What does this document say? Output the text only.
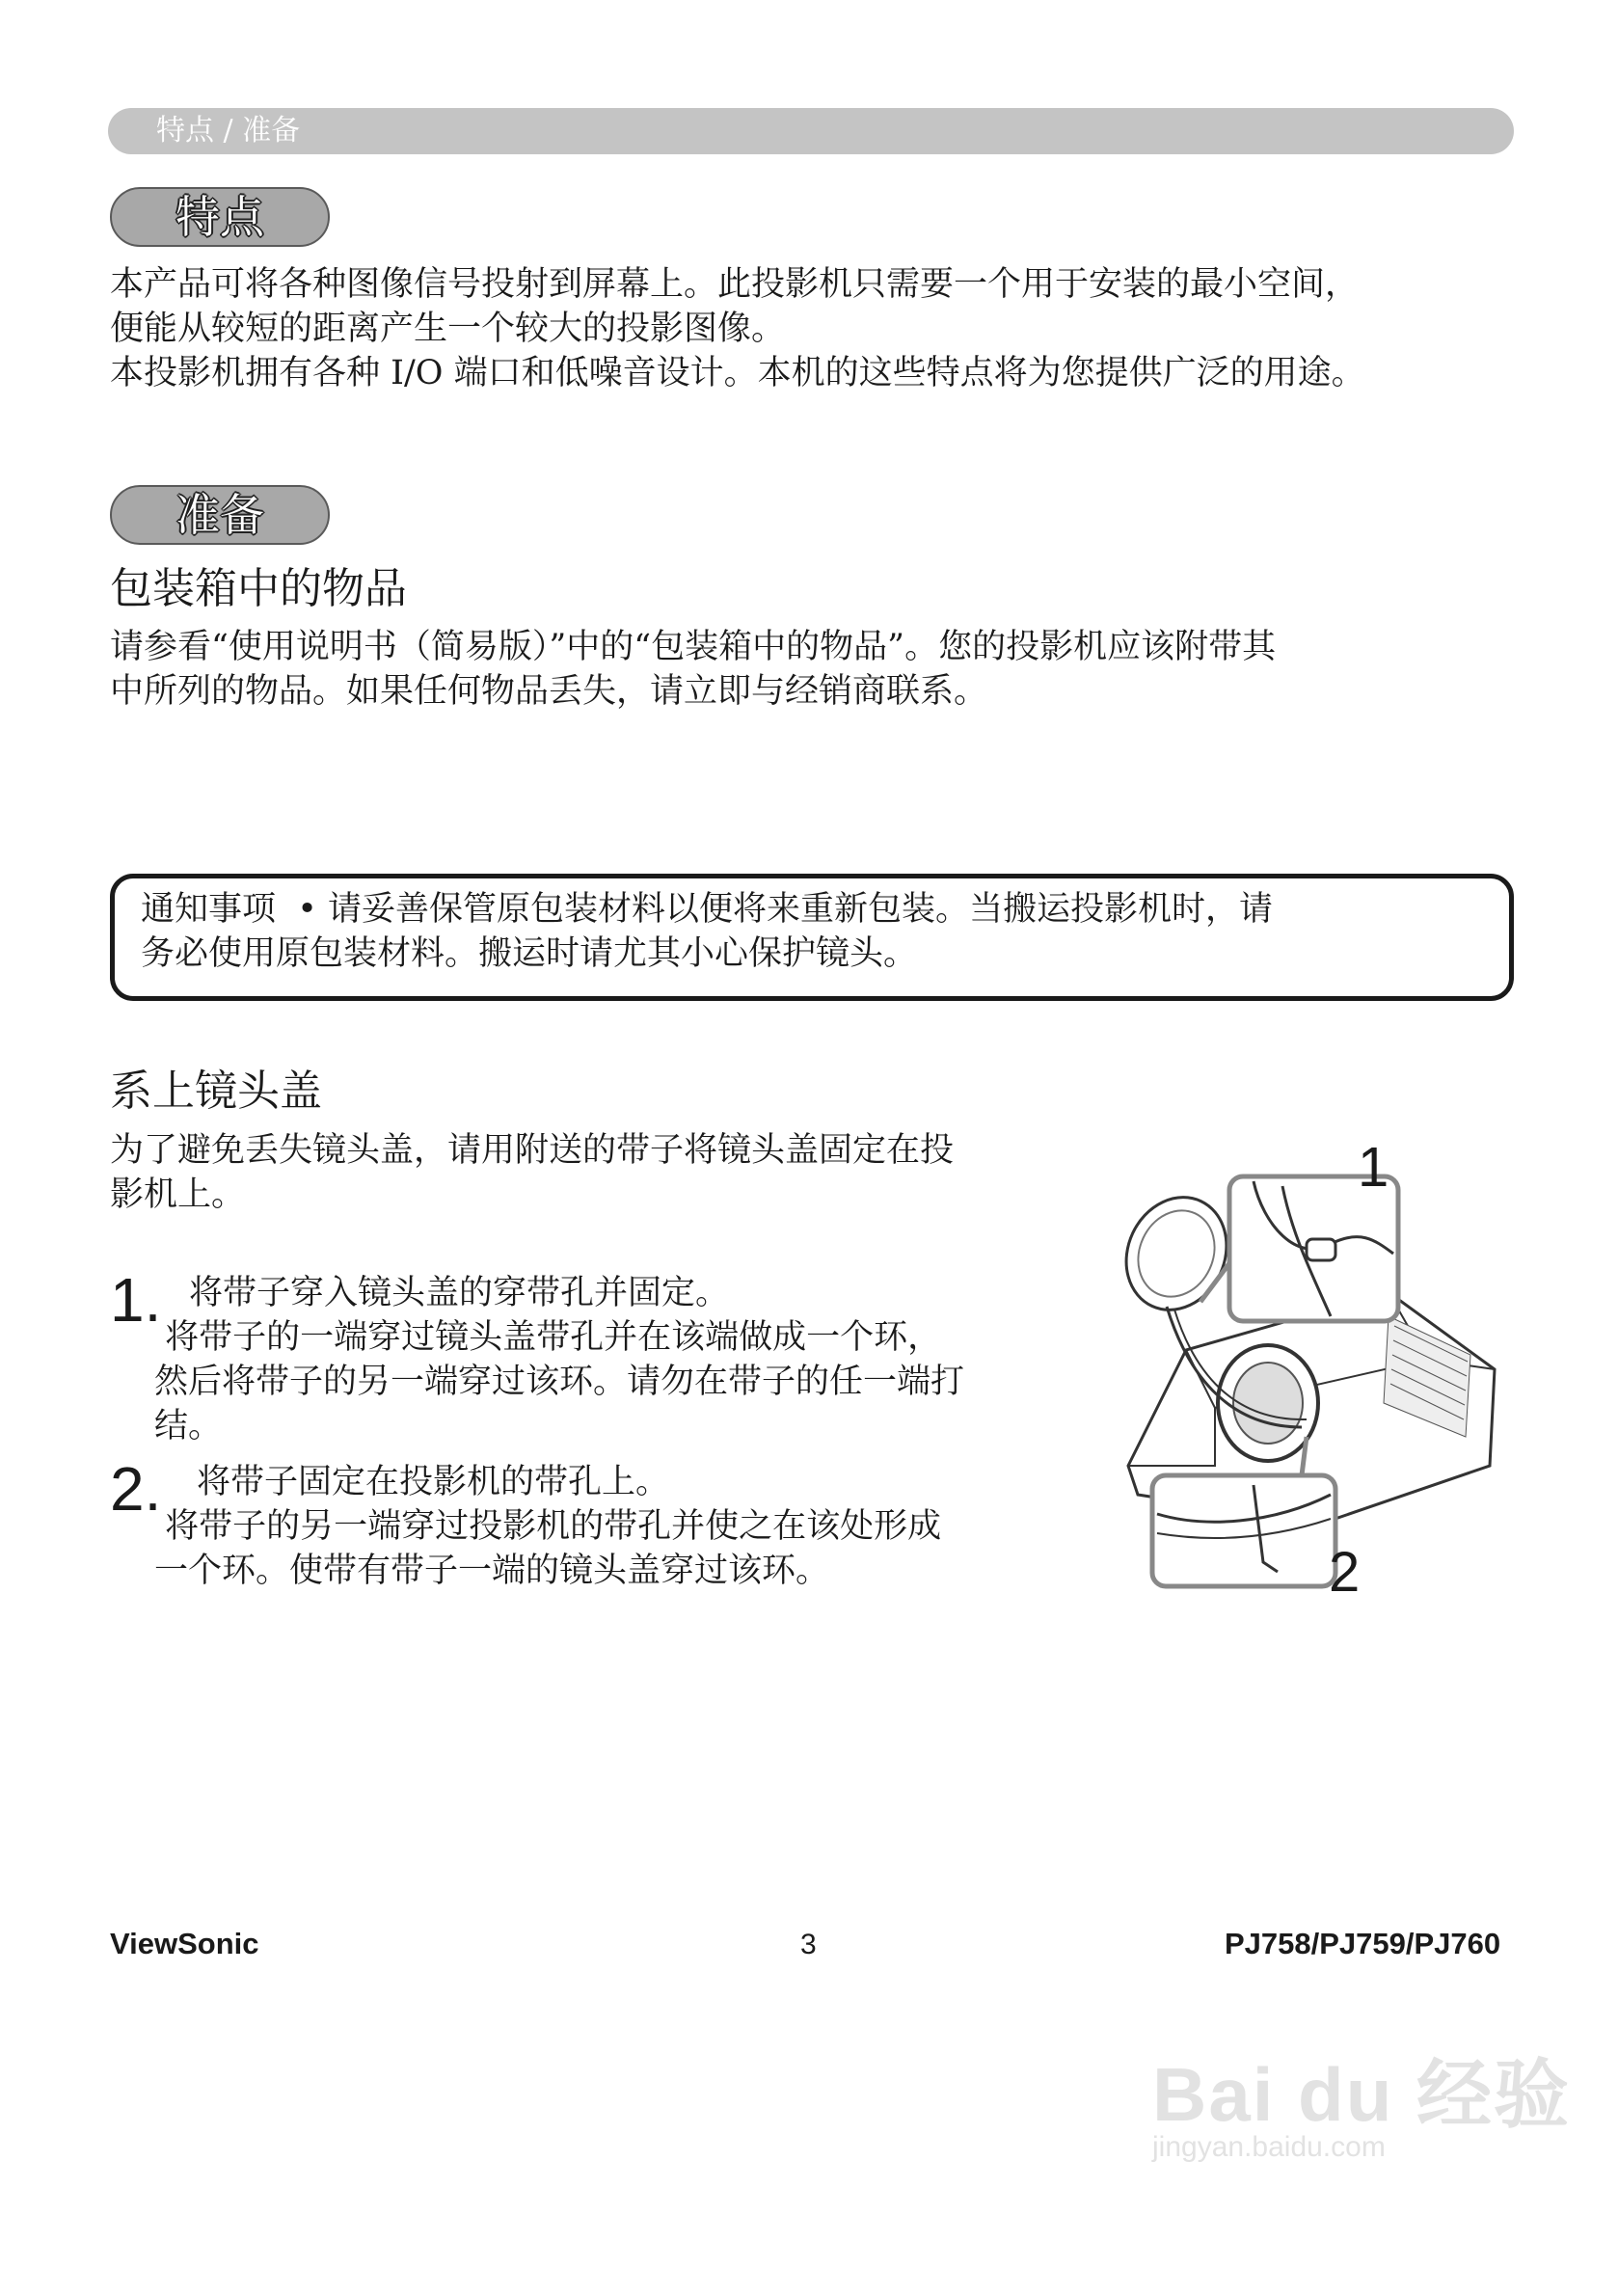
特点 / 准备
特点
本产品可将各种图像信号投射到屏幕上。此投影机只需要一个用于安装的最小空间，
便能从较短的距离产生一个较大的投影图像。
本投影机拥有各种 I/O 端口和低噪音设计。本机的这些特点将为您提供广泛的用途。
准备
包装箱中的物品
请参看“使用说明书（简易版）”中的“包装箱中的物品”。您的投影机应该附带其
中所列的物品。如果任何物品丢失，请立即与经销商联系。
通知事项  • 请妥善保管原包装材料以便将来重新包装。当搬运投影机时，请
务必使用原包装材料。搬运时请尤其小心保护镜头。
系上镜头盖
为了避免丢失镜头盖，请用附送的带子将镜头盖固定在投
影机上。
1. 将带子穿入镜头盖的穿带孔并固定。
将带子的一端穿过镜头盖带孔并在该端做成一个环，
然后将带子的另一端穿过该环。请勿在带子的任一端打
结。
2. 将带子固定在投影机的带孔上。
将带子的另一端穿过投影机的带孔并使之在该处形成
一个环。使带有带子一端的镜头盖穿过该环。
1
2
Bai du 经验
jingyan.baidu.com
ViewSonic	3	PJ758/PJ759/PJ760
